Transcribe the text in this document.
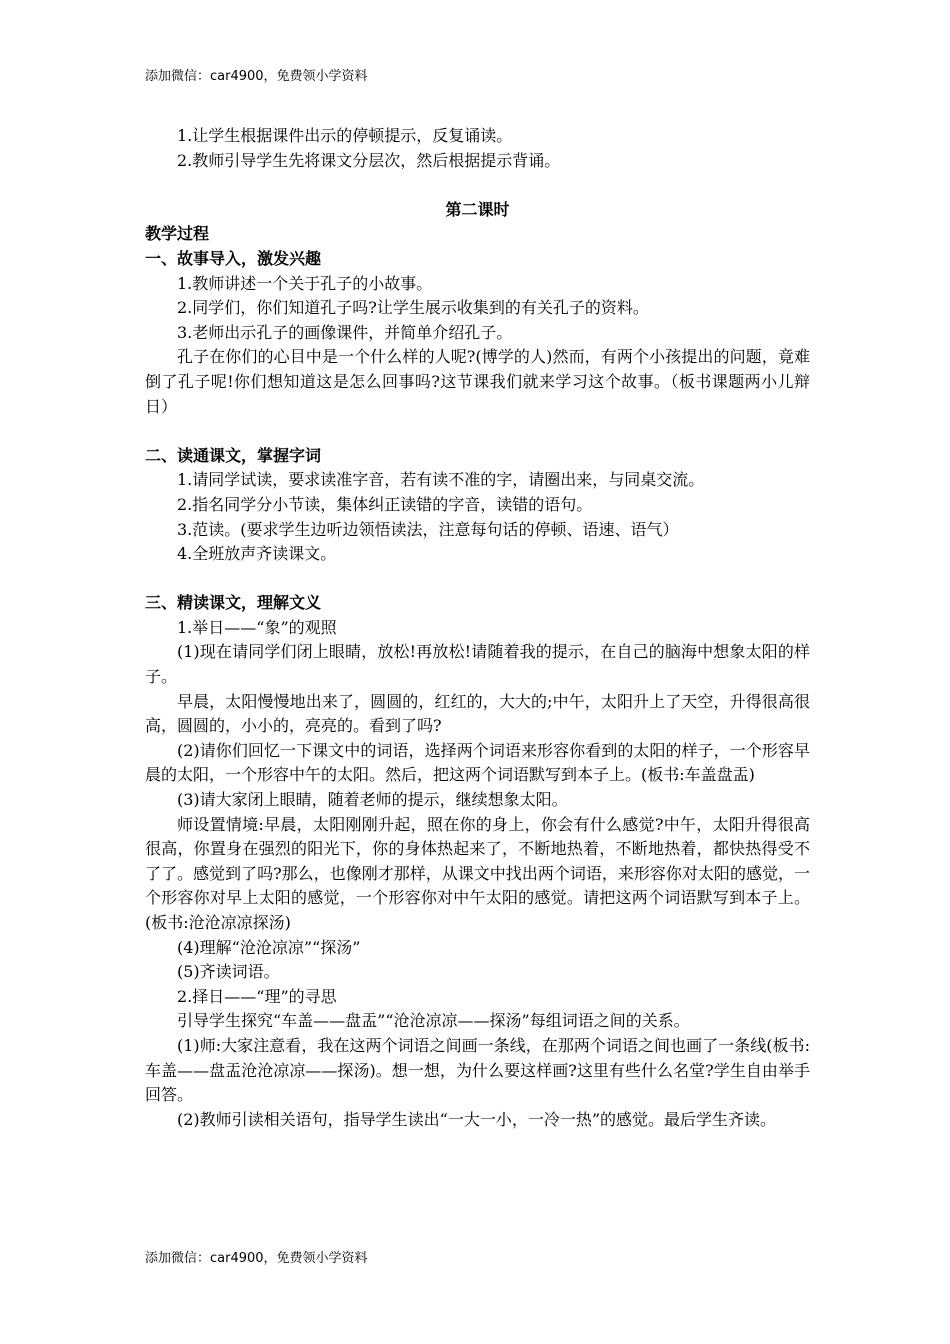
添加微信：car4900，免费领小学资料

1.让学生根据课件出示的停顿提示，反复诵读。

2.教师引导学生先将课文分层次，然后根据提示背诵。

第二课时

教学过程

一、故事导入，激发兴趣

1.教师讲述一个关于孔子的小故事。

2.同学们，你们知道孔子吗?让学生展示收集到的有关孔子的资料。

3.老师出示孔子的画像课件，并简单介绍孔子。

孔子在你们的心目中是一个什么样的人呢?(博学的人)然而，有两个小孩提出的问题，竟难倒了孔子呢!你们想知道这是怎么回事吗?这节课我们就来学习这个故事。（板书课题两小儿辩日）

二、读通课文，掌握字词

1.请同学试读，要求读准字音，若有读不准的字，请圈出来，与同桌交流。

2.指名同学分小节读，集体纠正读错的字音，读错的语句。

3.范读。(要求学生边听边领悟读法，注意每句话的停顿、语速、语气）

4.全班放声齐读课文。

三、精读课文，理解文义

1.举日——“象”的观照

(1)现在请同学们闭上眼睛，放松!再放松!请随着我的提示，在自己的脑海中想象太阳的样子。

早晨，太阳慢慢地出来了，圆圆的，红红的，大大的;中午，太阳升上了天空，升得很高很高，圆圆的，小小的，亮亮的。看到了吗?

(2)请你们回忆一下课文中的词语，选择两个词语来形容你看到的太阳的样子，一个形容早晨的太阳，一个形容中午的太阳。然后，把这两个词语默写到本子上。(板书:车盖盘盂)

(3)请大家闭上眼睛，随着老师的提示，继续想象太阳。

师设置情境:早晨，太阳刚刚升起，照在你的身上，你会有什么感觉?中午，太阳升得很高很高，你置身在强烈的阳光下，你的身体热起来了，不断地热着，不断地热着，都快热得受不了了。感觉到了吗?那么，也像刚才那样，从课文中找出两个词语，来形容你对太阳的感觉，一个形容你对早上太阳的感觉，一个形容你对中午太阳的感觉。请把这两个词语默写到本子上。(板书:沧沧凉凉探汤)

(4)理解“沧沧凉凉”“探汤”

(5)齐读词语。

2.择日——“理”的寻思

引导学生探究“车盖——盘盂”“沧沧凉凉——探汤”每组词语之间的关系。

(1)师:大家注意看，我在这两个词语之间画一条线，在那两个词语之间也画了一条线(板书:车盖——盘盂沧沧凉凉——探汤)。想一想，为什么要这样画?这里有些什么名堂?学生自由举手回答。

(2)教师引读相关语句，指导学生读出“一大一小，一冷一热”的感觉。最后学生齐读。

添加微信：car4900，免费领小学资料
